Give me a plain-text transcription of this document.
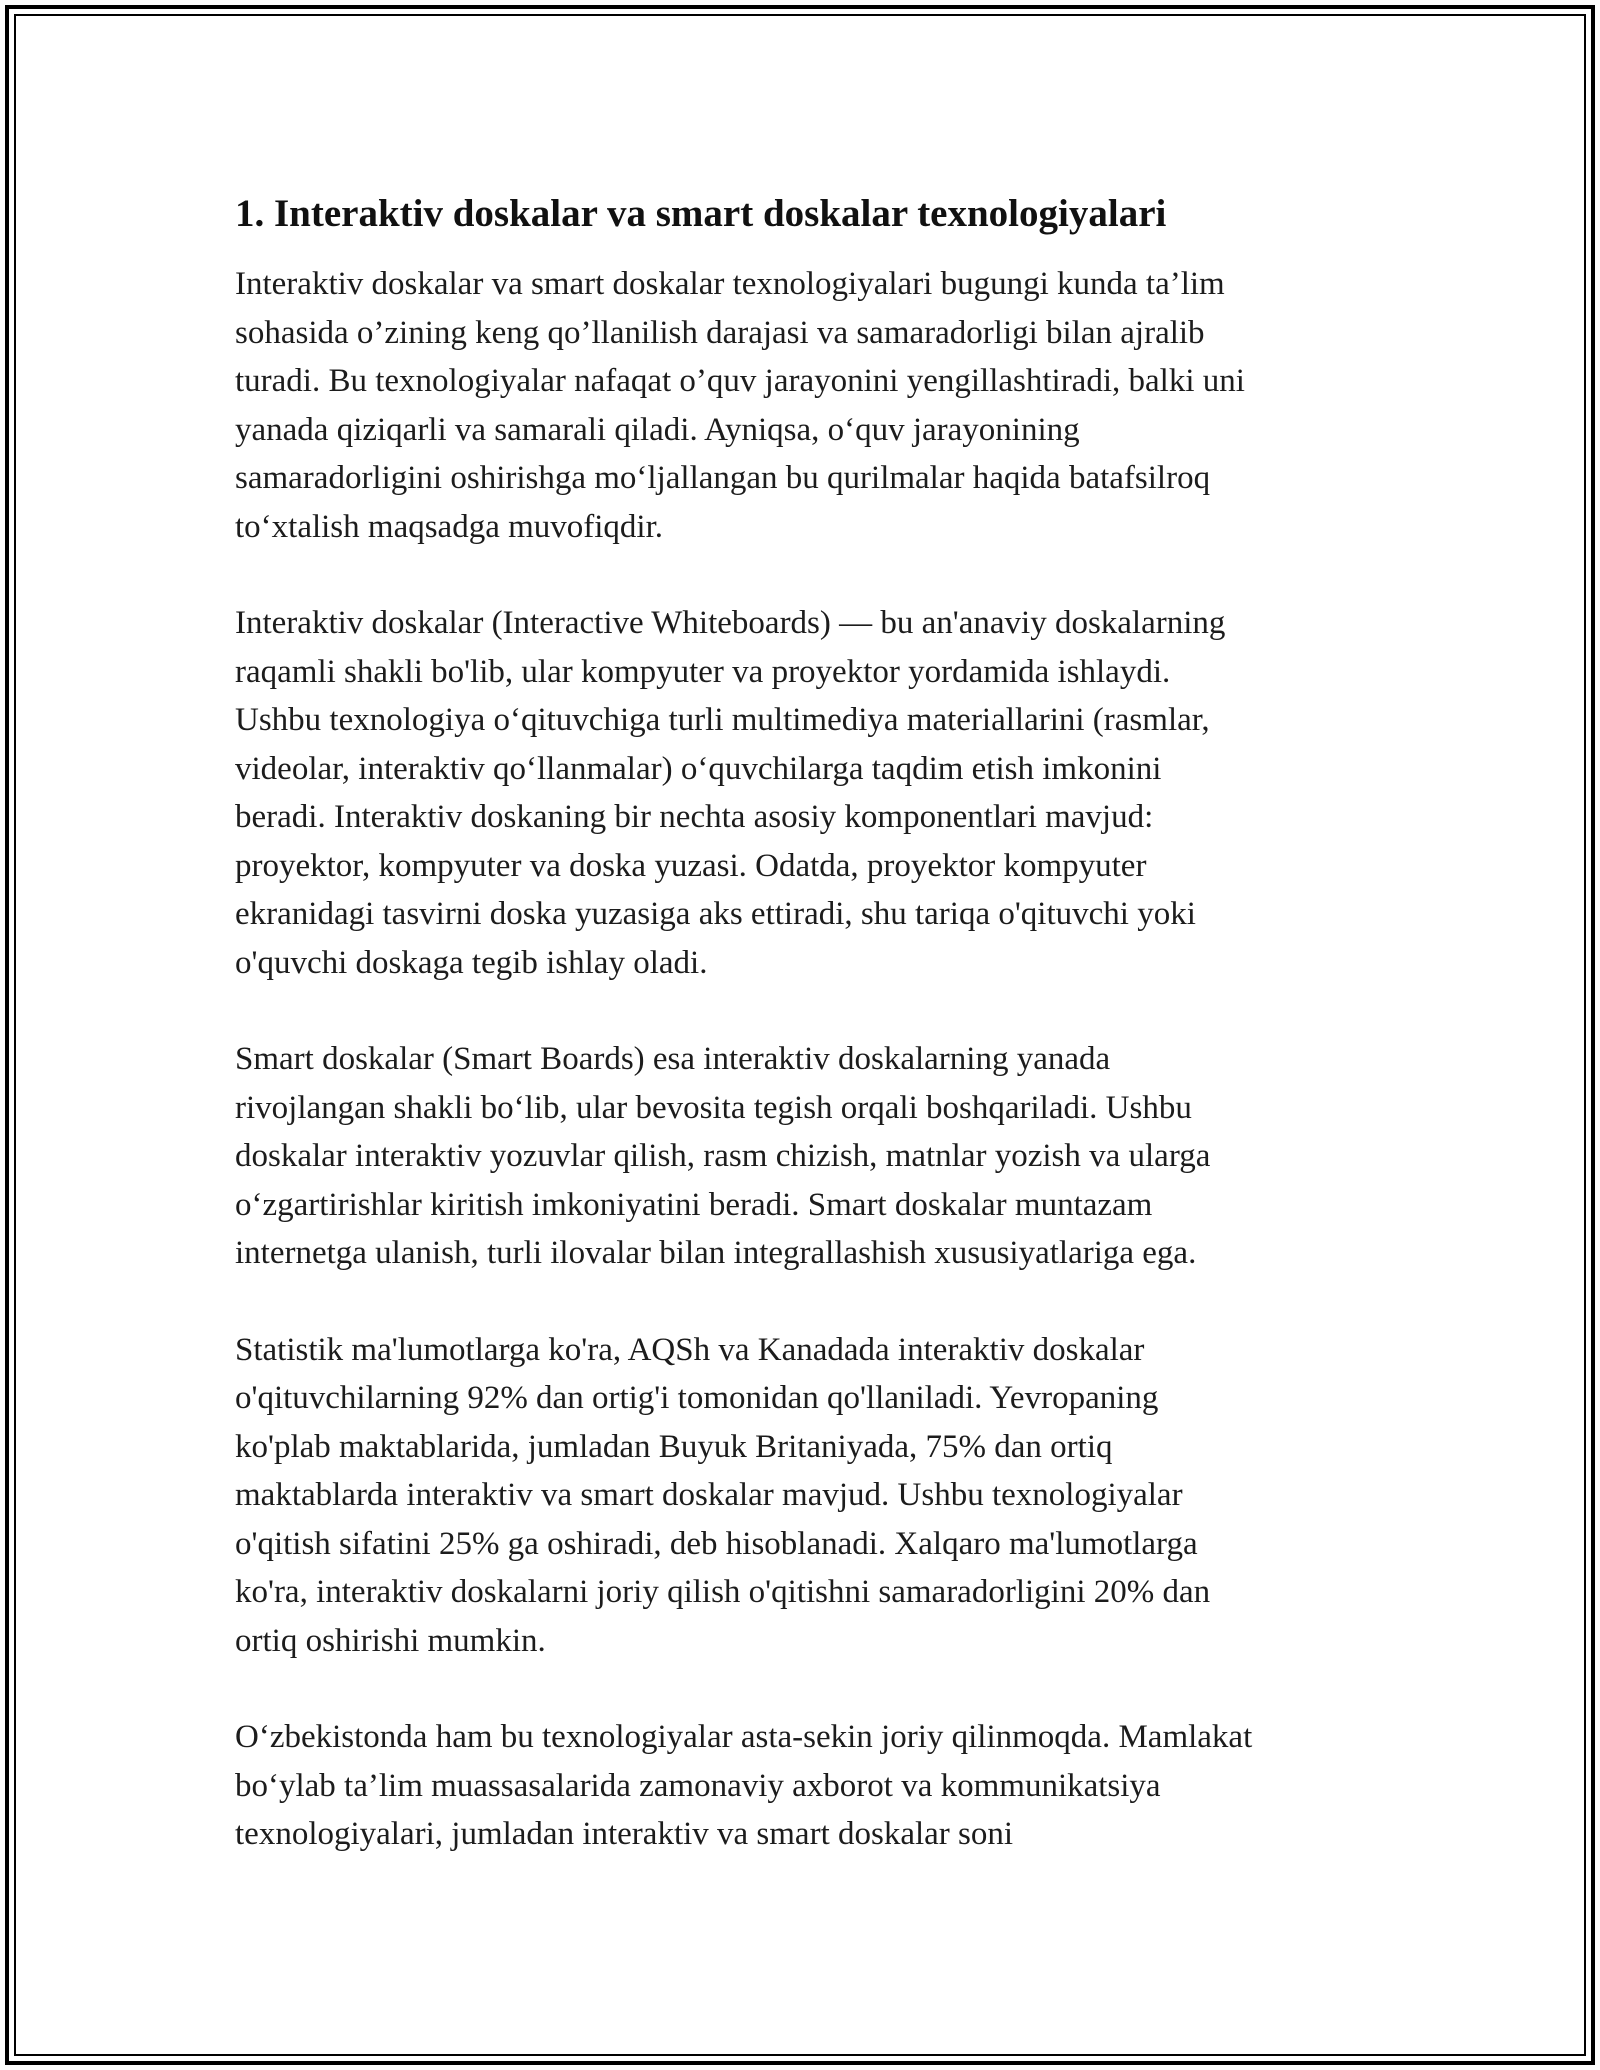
1. Interaktiv doskalar va smart doskalar texnologiyalari

Interaktiv doskalar va smart doskalar texnologiyalari bugungi kunda ta’lim
sohasida o’zining keng qo’llanilish darajasi va samaradorligi bilan ajralib
turadi. Bu texnologiyalar nafaqat o’quv jarayonini yengillashtiradi, balki uni
yanada qiziqarli va samarali qiladi. Ayniqsa, o‘quv jarayonining
samaradorligini oshirishga mo‘ljallangan bu qurilmalar haqida batafsilroq
to‘xtalish maqsadga muvofiqdir.

Interaktiv doskalar (Interactive Whiteboards) — bu an'anaviy doskalarning
raqamli shakli bo'lib, ular kompyuter va proyektor yordamida ishlaydi.
Ushbu texnologiya o‘qituvchiga turli multimediya materiallarini (rasmlar,
videolar, interaktiv qo‘llanmalar) o‘quvchilarga taqdim etish imkonini
beradi. Interaktiv doskaning bir nechta asosiy komponentlari mavjud:
proyektor, kompyuter va doska yuzasi. Odatda, proyektor kompyuter
ekranidagi tasvirni doska yuzasiga aks ettiradi, shu tariqa o'qituvchi yoki
o'quvchi doskaga tegib ishlay oladi.

Smart doskalar (Smart Boards) esa interaktiv doskalarning yanada
rivojlangan shakli bo‘lib, ular bevosita tegish orqali boshqariladi. Ushbu
doskalar interaktiv yozuvlar qilish, rasm chizish, matnlar yozish va ularga
o‘zgartirishlar kiritish imkoniyatini beradi. Smart doskalar muntazam
internetga ulanish, turli ilovalar bilan integrallashish xususiyatlariga ega.

Statistik ma'lumotlarga ko'ra, AQSh va Kanadada interaktiv doskalar
o'qituvchilarning 92% dan ortig'i tomonidan qo'llaniladi. Yevropaning
ko'plab maktablarida, jumladan Buyuk Britaniyada, 75% dan ortiq
maktablarda interaktiv va smart doskalar mavjud. Ushbu texnologiyalar
o'qitish sifatini 25% ga oshiradi, deb hisoblanadi. Xalqaro ma'lumotlarga
ko'ra, interaktiv doskalarni joriy qilish o'qitishni samaradorligini 20% dan
ortiq oshirishi mumkin.

O‘zbekistonda ham bu texnologiyalar asta-sekin joriy qilinmoqda. Mamlakat
bo‘ylab ta’lim muassasalarida zamonaviy axborot va kommunikatsiya
texnologiyalari, jumladan interaktiv va smart doskalar soni
